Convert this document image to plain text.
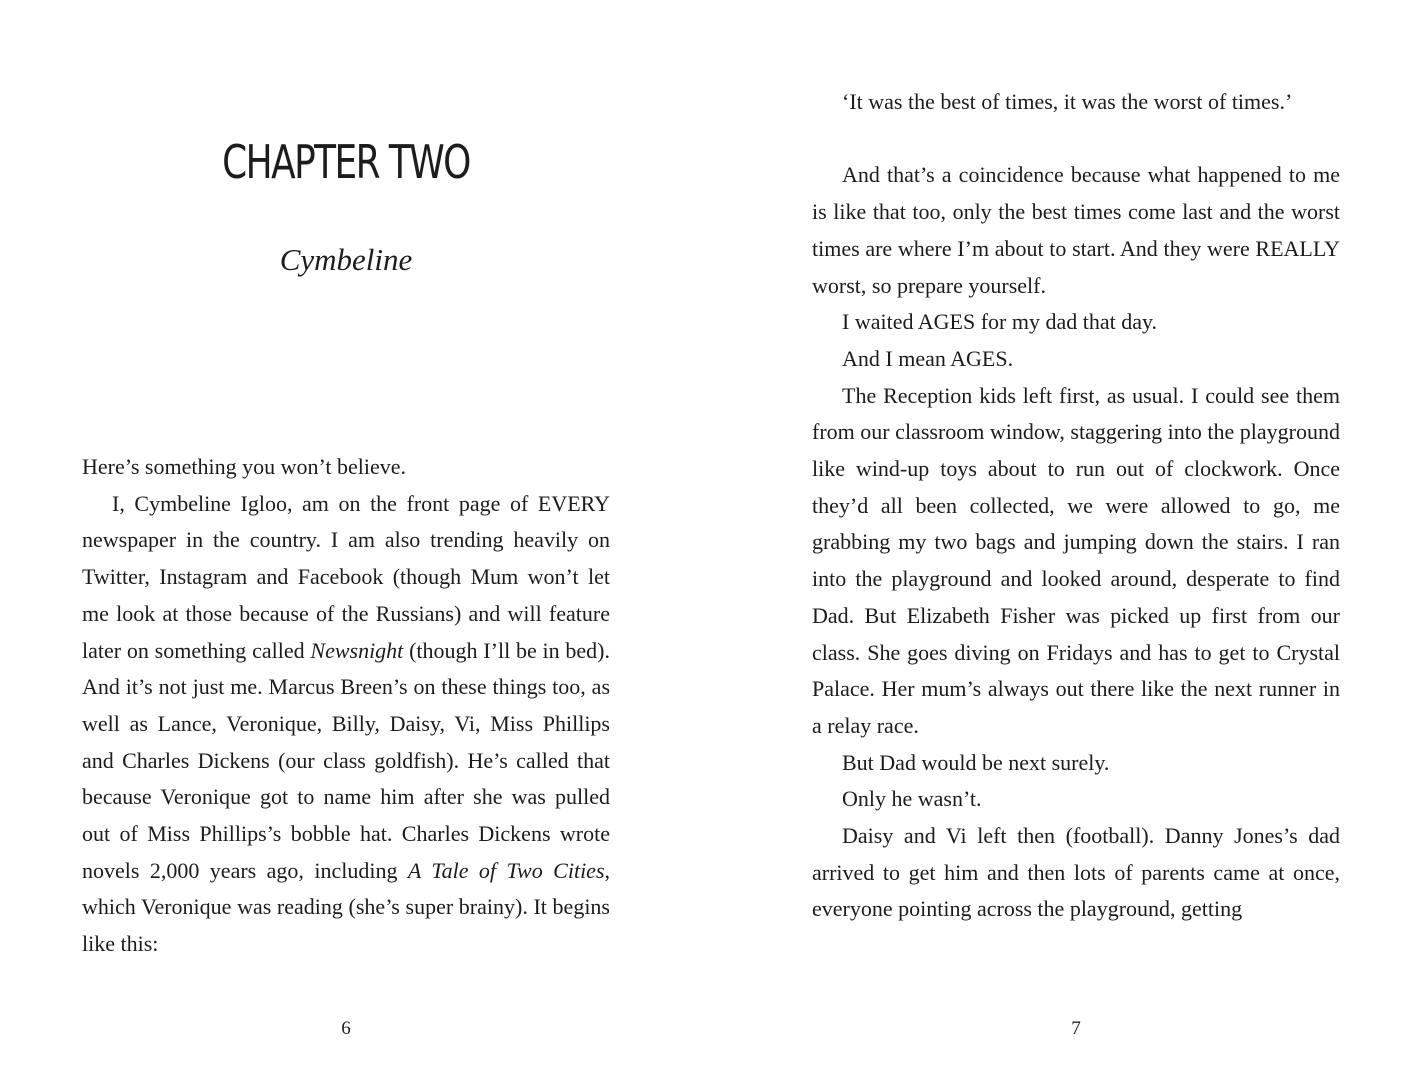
CHAPTER TWO
Cymbeline

Here’s something you won’t believe.

I, Cymbeline Igloo, am on the front page of EVERY newspaper in the country. I am also trending heavily on Twitter, Instagram and Facebook (though Mum won’t let me look at those because of the Russians) and will feature later on something called Newsnight (though I’ll be in bed). And it’s not just me. Marcus Breen’s on these things too, as well as Lance, Veronique, Billy, Daisy, Vi, Miss Phillips and Charles Dickens (our class goldfish). He’s called that because Veronique got to name him after she was pulled out of Miss Phillips’s bobble hat. Charles Dickens wrote novels 2,000 years ago, including A Tale of Two Cities, which Veronique was reading (she’s super brainy). It begins like this:

6

‘It was the best of times, it was the worst of times.’

And that’s a coincidence because what happened to me is like that too, only the best times come last and the worst times are where I’m about to start. And they were REALLY worst, so prepare yourself.

I waited AGES for my dad that day.

And I mean AGES.

The Reception kids left first, as usual. I could see them from our classroom window, staggering into the playground like wind-up toys about to run out of clockwork. Once they’d all been collected, we were allowed to go, me grabbing my two bags and jumping down the stairs. I ran into the playground and looked around, desperate to find Dad. But Elizabeth Fisher was picked up first from our class. She goes diving on Fridays and has to get to Crystal Palace. Her mum’s always out there like the next runner in a relay race.

But Dad would be next surely.

Only he wasn’t.

Daisy and Vi left then (football). Danny Jones’s dad arrived to get him and then lots of parents came at once, everyone pointing across the playground, getting

7
